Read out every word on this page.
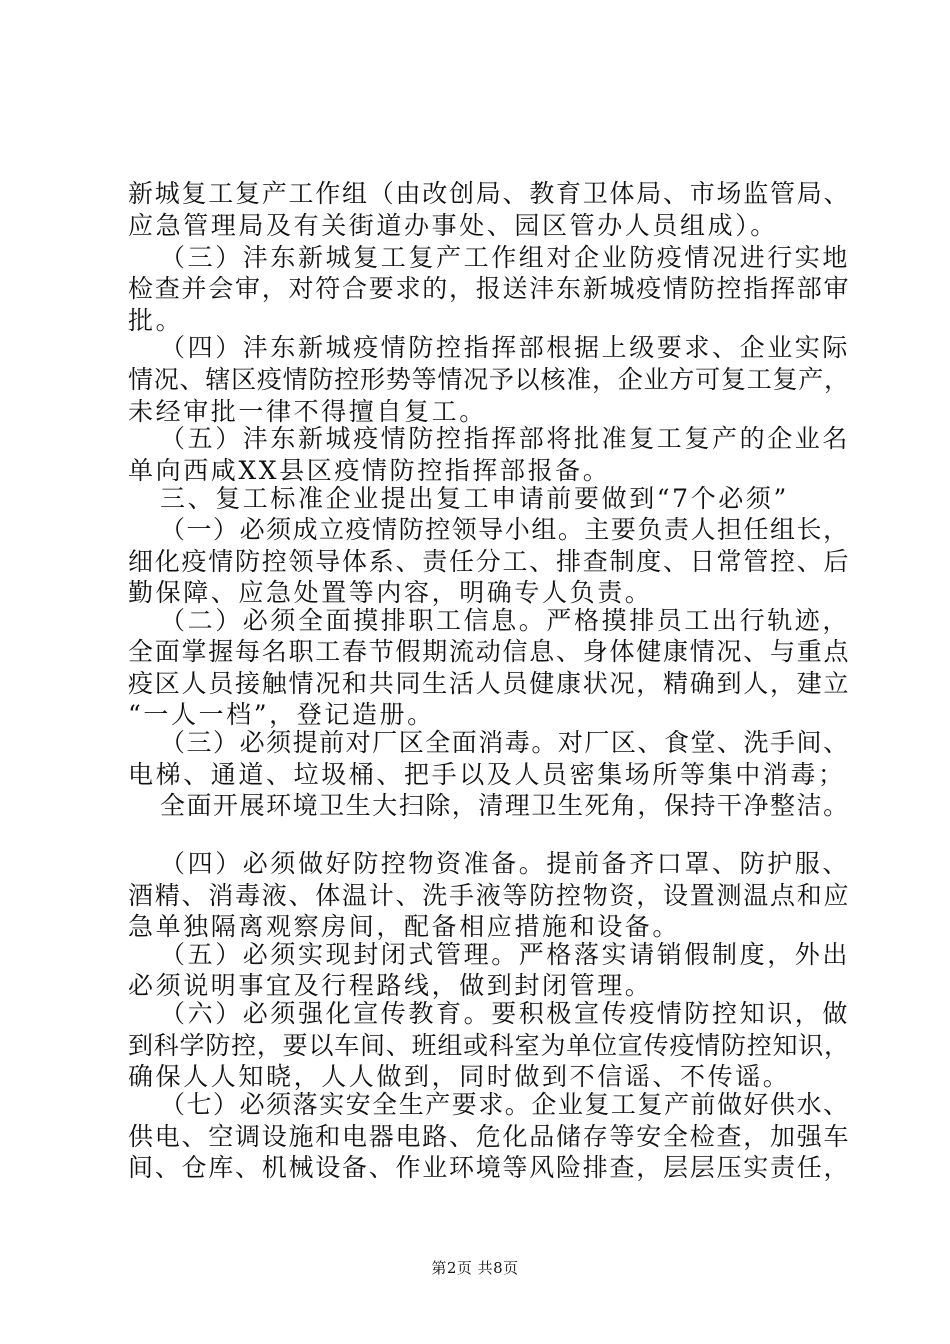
新城复工复产工作组（由改创局、教育卫体局、市场监管局、
应急管理局及有关街道办事处、园区管办人员组成）。
（三）沣东新城复工复产工作组对企业防疫情况进行实地
检查并会审，对符合要求的，报送沣东新城疫情防控指挥部审
批。
（四）沣东新城疫情防控指挥部根据上级要求、企业实际
情况、辖区疫情防控形势等情况予以核准，企业方可复工复产，
未经审批一律不得擅自复工。
（五）沣东新城疫情防控指挥部将批准复工复产的企业名
单向西咸XX县区疫情防控指挥部报备。
三、复工标准企业提出复工申请前要做到“7个必须”
（一）必须成立疫情防控领导小组。主要负责人担任组长，
细化疫情防控领导体系、责任分工、排查制度、日常管控、后
勤保障、应急处置等内容，明确专人负责。
（二）必须全面摸排职工信息。严格摸排员工出行轨迹，
全面掌握每名职工春节假期流动信息、身体健康情况、与重点
疫区人员接触情况和共同生活人员健康状况，精确到人，建立
“一人一档”，登记造册。
（三）必须提前对厂区全面消毒。对厂区、食堂、洗手间、
电梯、通道、垃圾桶、把手以及人员密集场所等集中消毒；
全面开展环境卫生大扫除，清理卫生死角，保持干净整洁。
（四）必须做好防控物资准备。提前备齐口罩、防护服、
酒精、消毒液、体温计、洗手液等防控物资，设置测温点和应
急单独隔离观察房间，配备相应措施和设备。
（五）必须实现封闭式管理。严格落实请销假制度，外出
必须说明事宜及行程路线，做到封闭管理。
（六）必须强化宣传教育。要积极宣传疫情防控知识，做
到科学防控，要以车间、班组或科室为单位宣传疫情防控知识，
确保人人知晓，人人做到，同时做到不信谣、不传谣。
（七）必须落实安全生产要求。企业复工复产前做好供水、
供电、空调设施和电器电路、危化品储存等安全检查，加强车
间、仓库、机械设备、作业环境等风险排查，层层压实责任，
第2页 共8页
